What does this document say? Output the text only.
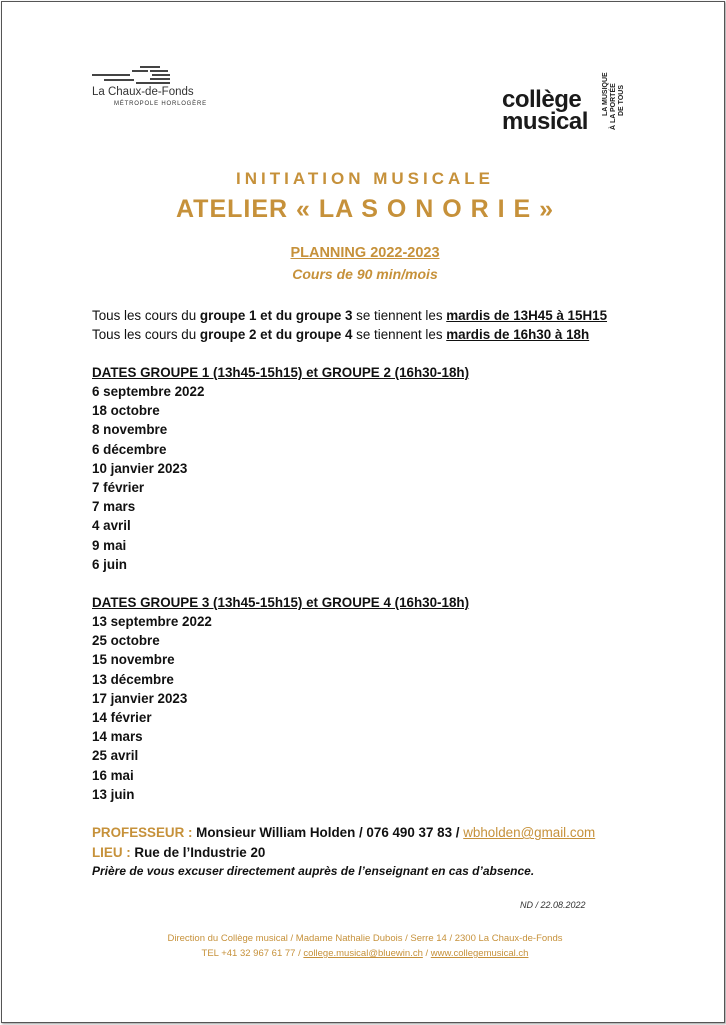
La Chaux-de-Fonds
MÉTROPOLE HORLOGÈRE	collège
musical
LA MUSIQUE À LA PORTÉE DE TOUS
INITIATION MUSICALE
ATELIER « LA S O N O R I E »
PLANNING 2022-2023
Cours de 90 min/mois
Tous les cours du groupe 1 et du groupe 3 se tiennent les mardis de 13H45 à 15H15
Tous les cours du groupe 2 et du groupe 4 se tiennent les mardis de 16h30 à 18h
DATES GROUPE 1 (13h45-15h15) et GROUPE 2 (16h30-18h)
6 septembre 2022
18 octobre
8 novembre
6 décembre
10 janvier 2023
7 février
7 mars
4 avril
9 mai
6 juin
DATES GROUPE 3 (13h45-15h15) et GROUPE 4 (16h30-18h)
13 septembre 2022
25 octobre
15 novembre
13 décembre
17 janvier 2023
14 février
14 mars
25 avril
16 mai
13 juin
PROFESSEUR : Monsieur William Holden / 076 490 37 83 / wbholden@gmail.com
LIEU : Rue de l’Industrie 20
Prière de vous excuser directement auprès de l’enseignant en cas d’absence.
ND / 22.08.2022
Direction du Collège musical / Madame Nathalie Dubois / Serre 14 / 2300 La Chaux-de-Fonds
TEL +41 32 967 61 77 / college.musical@bluewin.ch / www.collegemusical.ch
